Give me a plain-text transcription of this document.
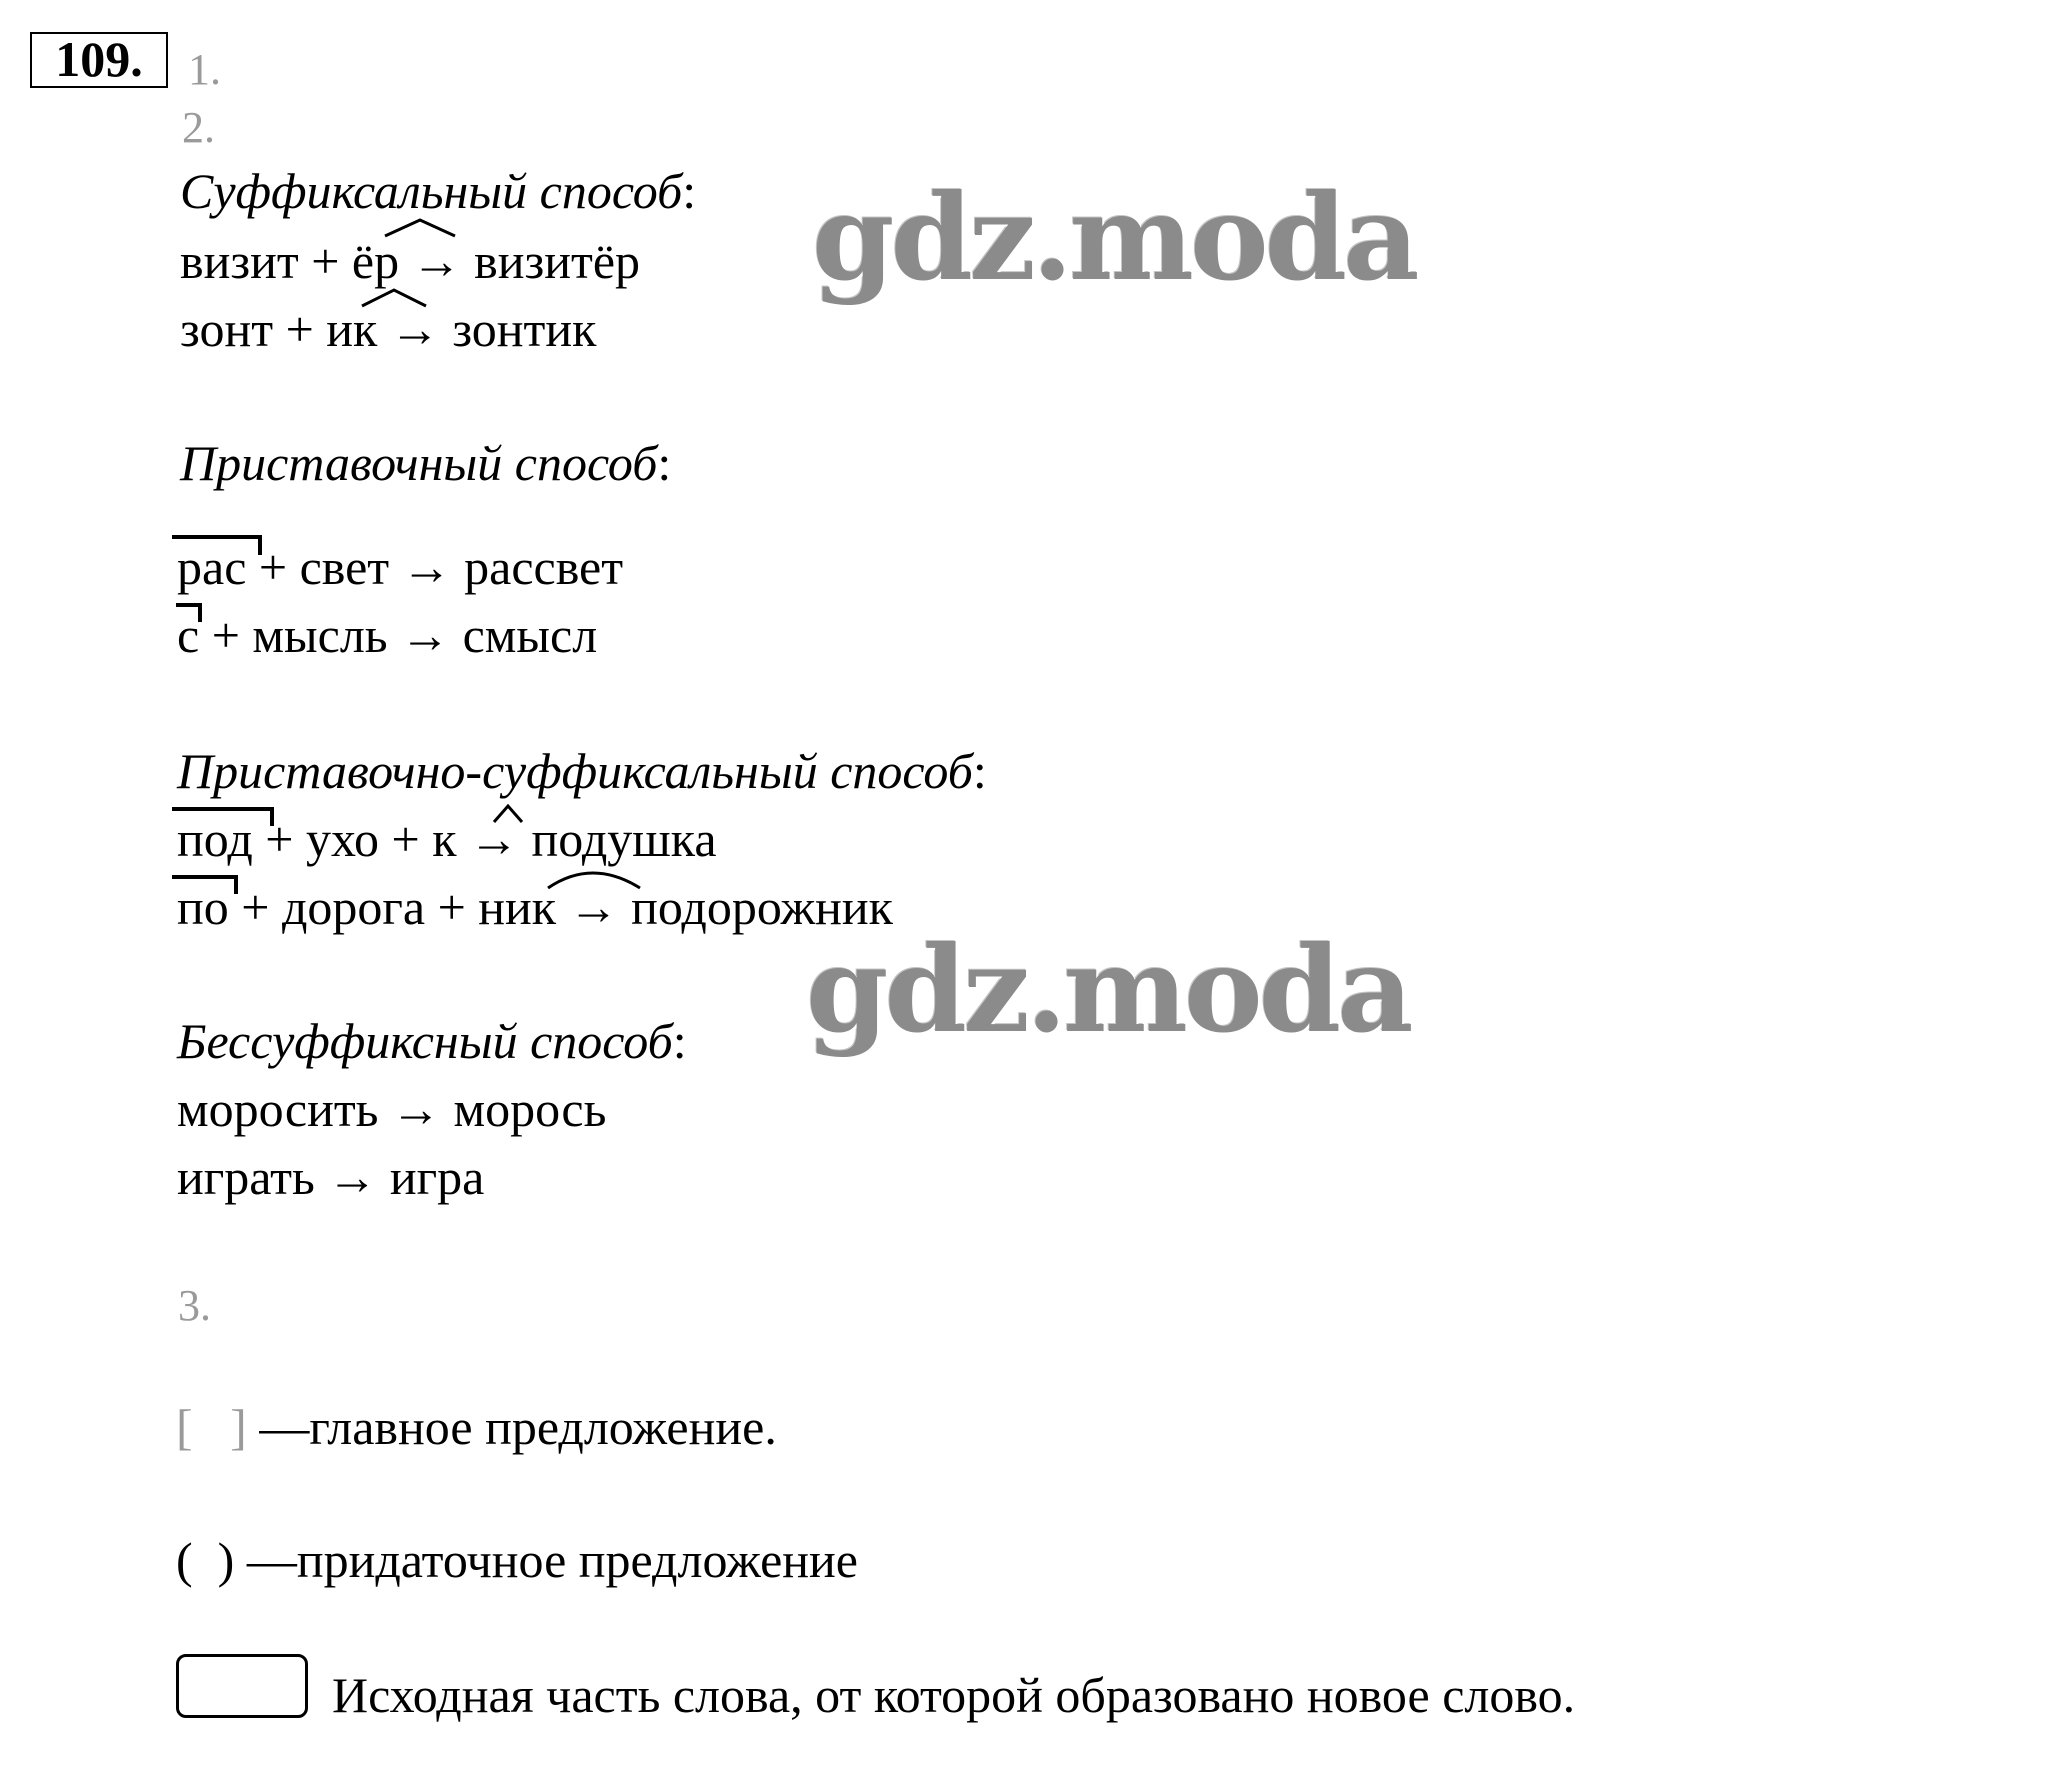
109.	1.
2.
Суффиксальный способ:
визит + ёр → визитёр
зонт + ик → зонтик
Приставочный способ:
рас + свет → рассвет
с + мысль → смысл
Приставочно-суффиксальный способ:
под + ухо + к → подушка
по + дорога + ник → подорожник
Бессуффиксный способ:
моросить → морось
играть → игра
3.
[   ] —главное предложение.
(  ) —придаточное предложение
Исходная часть слова, от которой образовано новое слово.
gdz.moda
gdz.moda
